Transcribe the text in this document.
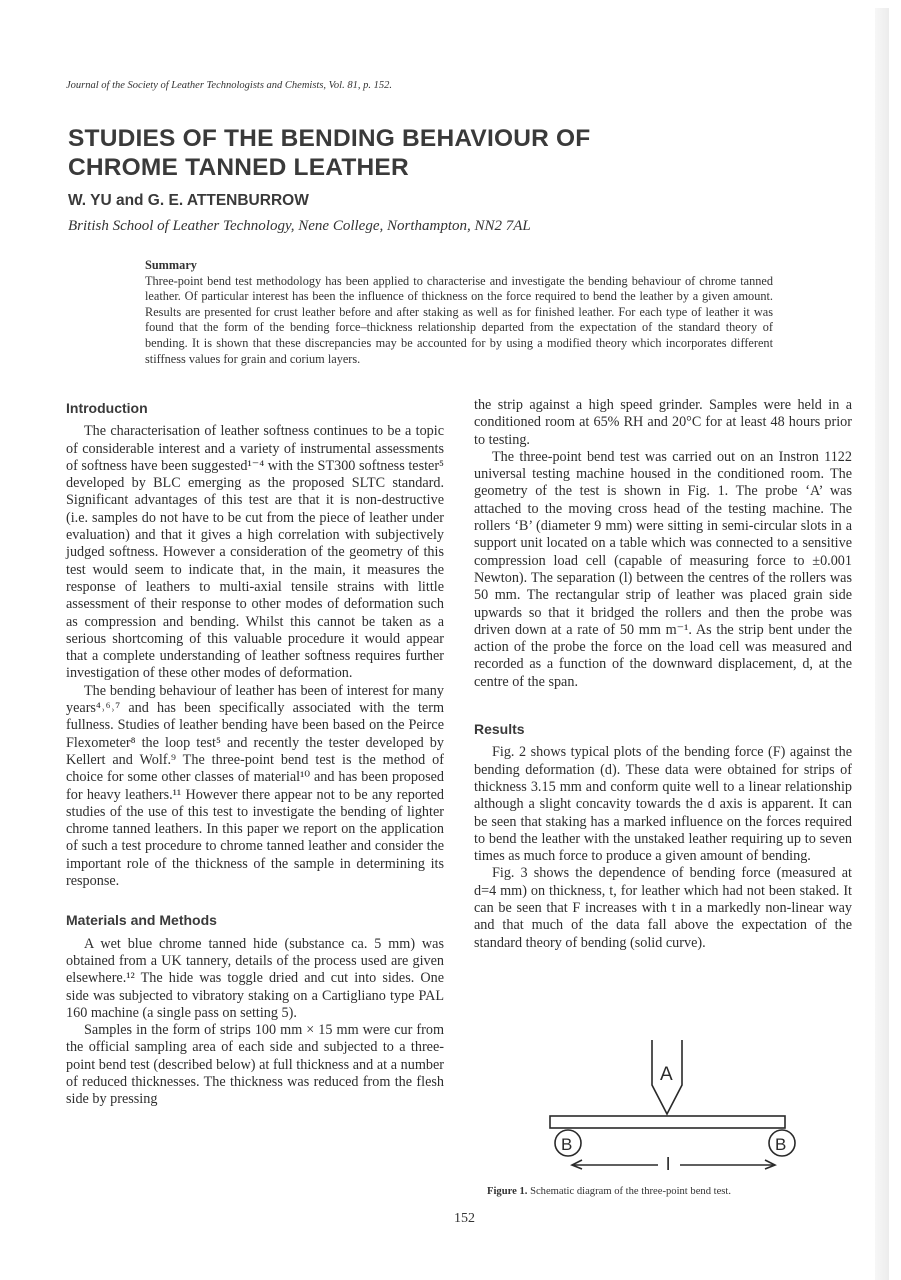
Journal of the Society of Leather Technologists and Chemists, Vol. 81, p. 152.
STUDIES OF THE BENDING BEHAVIOUR OF CHROME TANNED LEATHER
W. YU and G. E. ATTENBURROW
British School of Leather Technology, Nene College, Northampton, NN2 7AL
Summary
Three-point bend test methodology has been applied to characterise and investigate the bending behaviour of chrome tanned leather. Of particular interest has been the influence of thickness on the force required to bend the leather by a given amount. Results are presented for crust leather before and after staking as well as for finished leather. For each type of leather it was found that the form of the bending force–thickness relationship departed from the expectation of the standard theory of bending. It is shown that these discrepancies may be accounted for by using a modified theory which incorporates different stiffness values for grain and corium layers.
Introduction

The characterisation of leather softness continues to be a topic of considerable interest and a variety of instrumental assessments of softness have been suggested¹⁻⁴ with the ST300 softness tester⁵ developed by BLC emerging as the proposed SLTC standard. Significant advantages of this test are that it is non-destructive (i.e. samples do not have to be cut from the piece of leather under evaluation) and that it gives a high correlation with subjectively judged softness. However a consideration of the geometry of this test would seem to indicate that, in the main, it measures the response of leathers to multi-axial tensile strains with little assessment of their response to other modes of deformation such as compression and bending. Whilst this cannot be taken as a serious shortcoming of this valuable procedure it would appear that a complete understanding of leather softness requires further investigation of these other modes of deformation.

The bending behaviour of leather has been of interest for many years⁴˒⁶˒⁷ and has been specifically associated with the term fullness. Studies of leather bending have been based on the Peirce Flexometer⁸ the loop test⁵ and recently the tester developed by Kellert and Wolf.⁹ The three-point bend test is the method of choice for some other classes of material¹⁰ and has been proposed for heavy leathers.¹¹ However there appear not to be any reported studies of the use of this test to investigate the bending of lighter chrome tanned leathers. In this paper we report on the application of such a test procedure to chrome tanned leather and consider the important role of the thickness of the sample in determining its response.

Materials and Methods

A wet blue chrome tanned hide (substance ca. 5 mm) was obtained from a UK tannery, details of the process used are given elsewhere.¹² The hide was toggle dried and cut into sides. One side was subjected to vibratory staking on a Cartigliano type PAL 160 machine (a single pass on setting 5).

Samples in the form of strips 100 mm × 15 mm were cur from the official sampling area of each side and subjected to a three-point bend test (described below) at full thickness and at a number of reduced thicknesses. The thickness was reduced from the flesh side by pressing

the strip against a high speed grinder. Samples were held in a conditioned room at 65% RH and 20°C for at least 48 hours prior to testing.

The three-point bend test was carried out on an Instron 1122 universal testing machine housed in the conditioned room. The geometry of the test is shown in Fig. 1. The probe ‘A’ was attached to the moving cross head of the testing machine. The rollers ‘B’ (diameter 9 mm) were sitting in semi-circular slots in a support unit located on a table which was connected to a sensitive compression load cell (capable of measuring force to ±0.001 Newton). The separation (l) between the centres of the rollers was 50 mm. The rectangular strip of leather was placed grain side upwards so that it bridged the rollers and then the probe was driven down at a rate of 50 mm m⁻¹. As the strip bent under the action of the probe the force on the load cell was measured and recorded as a function of the downward displacement, d, at the centre of the span.

Results

Fig. 2 shows typical plots of the bending force (F) against the bending deformation (d). These data were obtained for strips of thickness 3.15 mm and conform quite well to a linear relationship although a slight concavity towards the d axis is apparent. It can be seen that staking has a marked influence on the forces required to bend the leather with the unstaked leather requiring up to seven times as much force to produce a given amount of bending.

Fig. 3 shows the dependence of bending force (measured at d=4 mm) on thickness, t, for leather which had not been staked. It can be seen that F increases with t in a markedly non-linear way and that much of the data fall above the expectation of the standard theory of bending (solid curve).

A
B	B
l
Figure 1. Schematic diagram of the three-point bend test.
152
